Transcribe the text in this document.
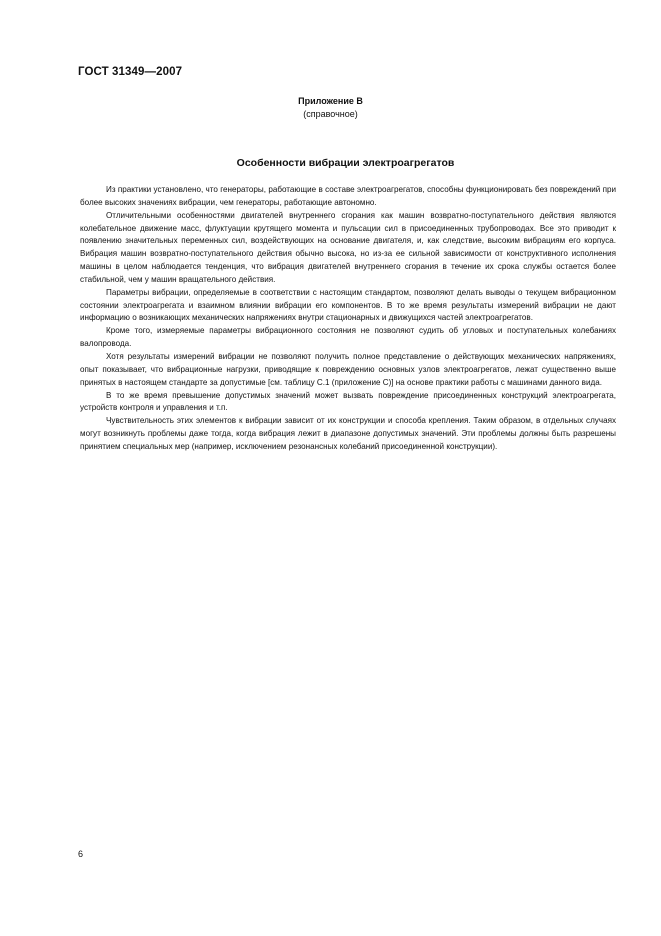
ГОСТ 31349—2007
Приложение В
(справочное)
Особенности вибрации электроагрегатов

Из практики установлено, что генераторы, работающие в составе электроагрегатов, способны функционировать без повреждений при более высоких значениях вибрации, чем генераторы, работающие автономно.

Отличительными особенностями двигателей внутреннего сгорания как машин возвратно-поступательного действия являются колебательное движение масс, флуктуации крутящего момента и пульсации сил в присоединенных трубопроводах. Все это приводит к появлению значительных переменных сил, воздействующих на основание двигателя, и, как следствие, высоким вибрациям его корпуса. Вибрация машин возвратно-поступательного действия обычно высока, но из-за ее сильной зависимости от конструктивного исполнения машины в целом наблюдается тенденция, что вибрация двигателей внутреннего сгорания в течение их срока службы остается более стабильной, чем у машин вращательного действия.

Параметры вибрации, определяемые в соответствии с настоящим стандартом, позволяют делать выводы о текущем вибрационном состоянии электроагрегата и взаимном влиянии вибрации его компонентов. В то же время результаты измерений вибрации не дают информацию о возникающих механических напряжениях внутри стационарных и движущихся частей электроагрегатов.

Кроме того, измеряемые параметры вибрационного состояния не позволяют судить об угловых и поступательных колебаниях валопровода.

Хотя результаты измерений вибрации не позволяют получить полное представление о действующих механических напряжениях, опыт показывает, что вибрационные нагрузки, приводящие к повреждению основных узлов электроагрегатов, лежат существенно выше принятых в настоящем стандарте за допустимые [см. таблицу С.1 (приложение С)] на основе практики работы с машинами данного вида.

В то же время превышение допустимых значений может вызвать повреждение присоединенных конструкций электроагрегата, устройств контроля и управления и т.п.

Чувствительность этих элементов к вибрации зависит от их конструкции и способа крепления. Таким образом, в отдельных случаях могут возникнуть проблемы даже тогда, когда вибрация лежит в диапазоне допустимых значений. Эти проблемы должны быть разрешены принятием специальных мер (например, исключением резонансных колебаний присоединенной конструкции).

6
